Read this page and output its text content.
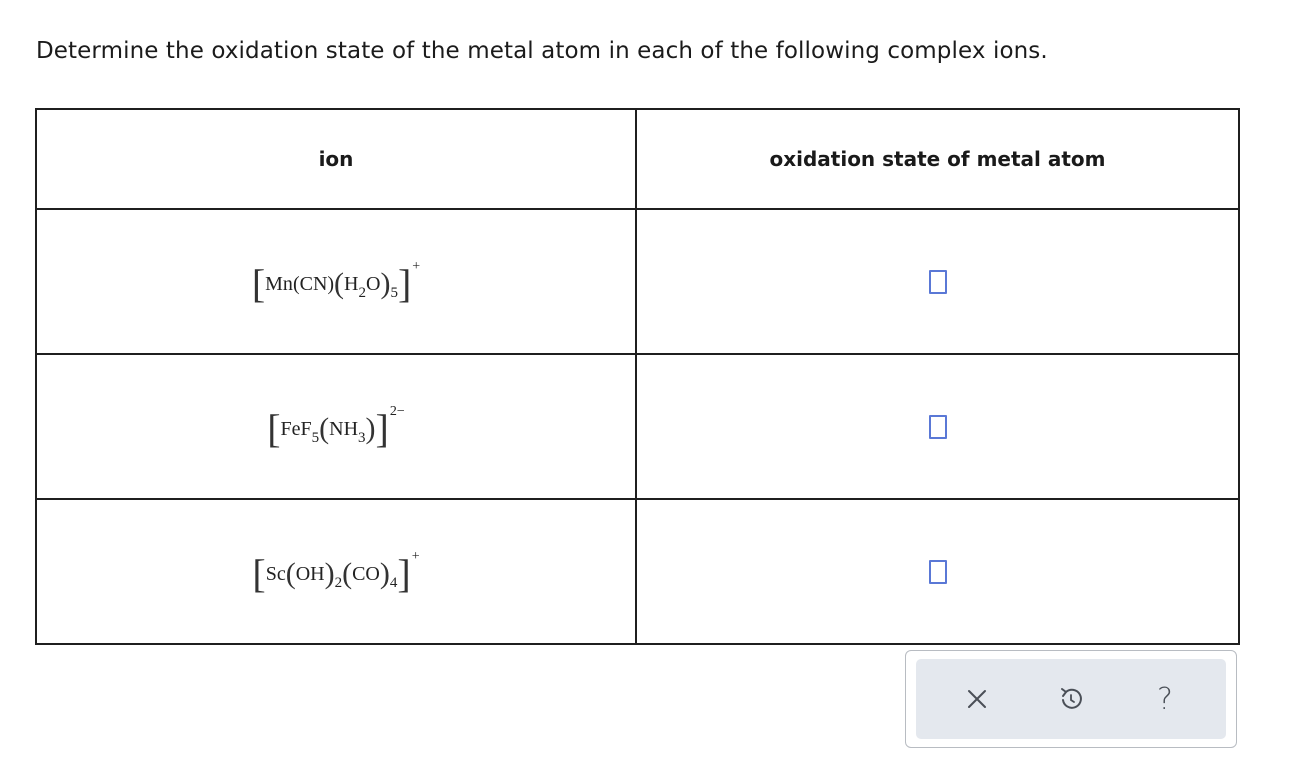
Determine the oxidation state of the metal atom in each of the following complex ions.
ion	oxidation state of metal atom
$[Mn(CN)(H_2O)_5]^+$	
$[FeF_5(NH_3)]^{2-}$	
$[Sc(OH)_2(CO)_4]^+$	
?
